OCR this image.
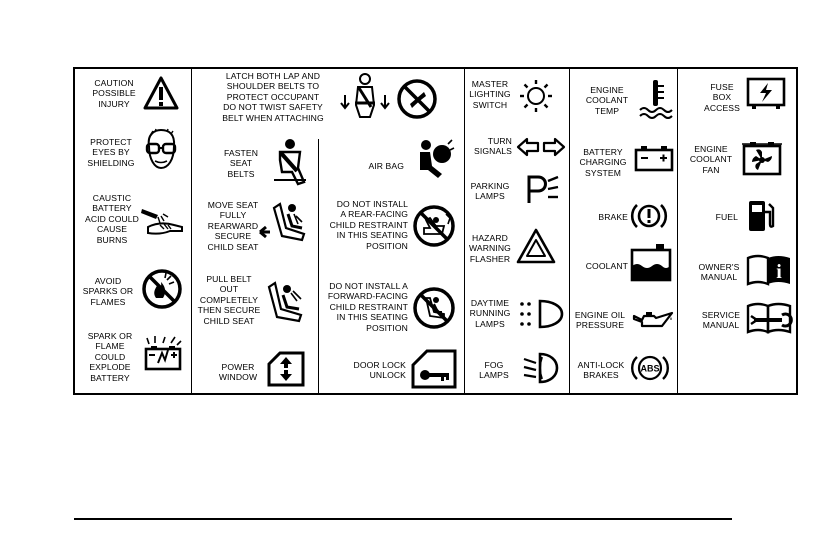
CAUTION
POSSIBLE
INJURY
PROTECT
EYES BY
SHIELDING
CAUSTIC
BATTERY
ACID COULD
CAUSE
BURNS
AVOID
SPARKS OR
FLAMES
SPARK OR
FLAME
COULD
EXPLODE
BATTERY
LATCH BOTH LAP AND
SHOULDER BELTS TO
PROTECT OCCUPANT
DO NOT TWIST SAFETY
BELT WHEN ATTACHING
FASTEN
SEAT
BELTS
AIR BAG
MOVE SEAT
FULLY
REARWARD
SECURE
CHILD SEAT
DO NOT INSTALL
A REAR-FACING
CHILD RESTRAINT
IN THIS SEATING
POSITION
PULL BELT
OUT
COMPLETELY
THEN SECURE
CHILD SEAT
DO NOT INSTALL A
FORWARD-FACING
CHILD RESTRAINT
IN THIS SEATING
POSITION
POWER
WINDOW
DOOR LOCK
UNLOCK
MASTER
LIGHTING
SWITCH
TURN
SIGNALS
PARKING
LAMPS
HAZARD
WARNING
FLASHER
DAYTIME
RUNNING
LAMPS
FOG
LAMPS
ENGINE
COOLANT
TEMP
BATTERY
CHARGING
SYSTEM
BRAKE
COOLANT
ENGINE OIL
PRESSURE
ANTI-LOCK
BRAKES
ABS
FUSE
BOX
ACCESS
ENGINE
COOLANT
FAN
FUEL
OWNER'S
MANUAL	i
SERVICE
MANUAL
